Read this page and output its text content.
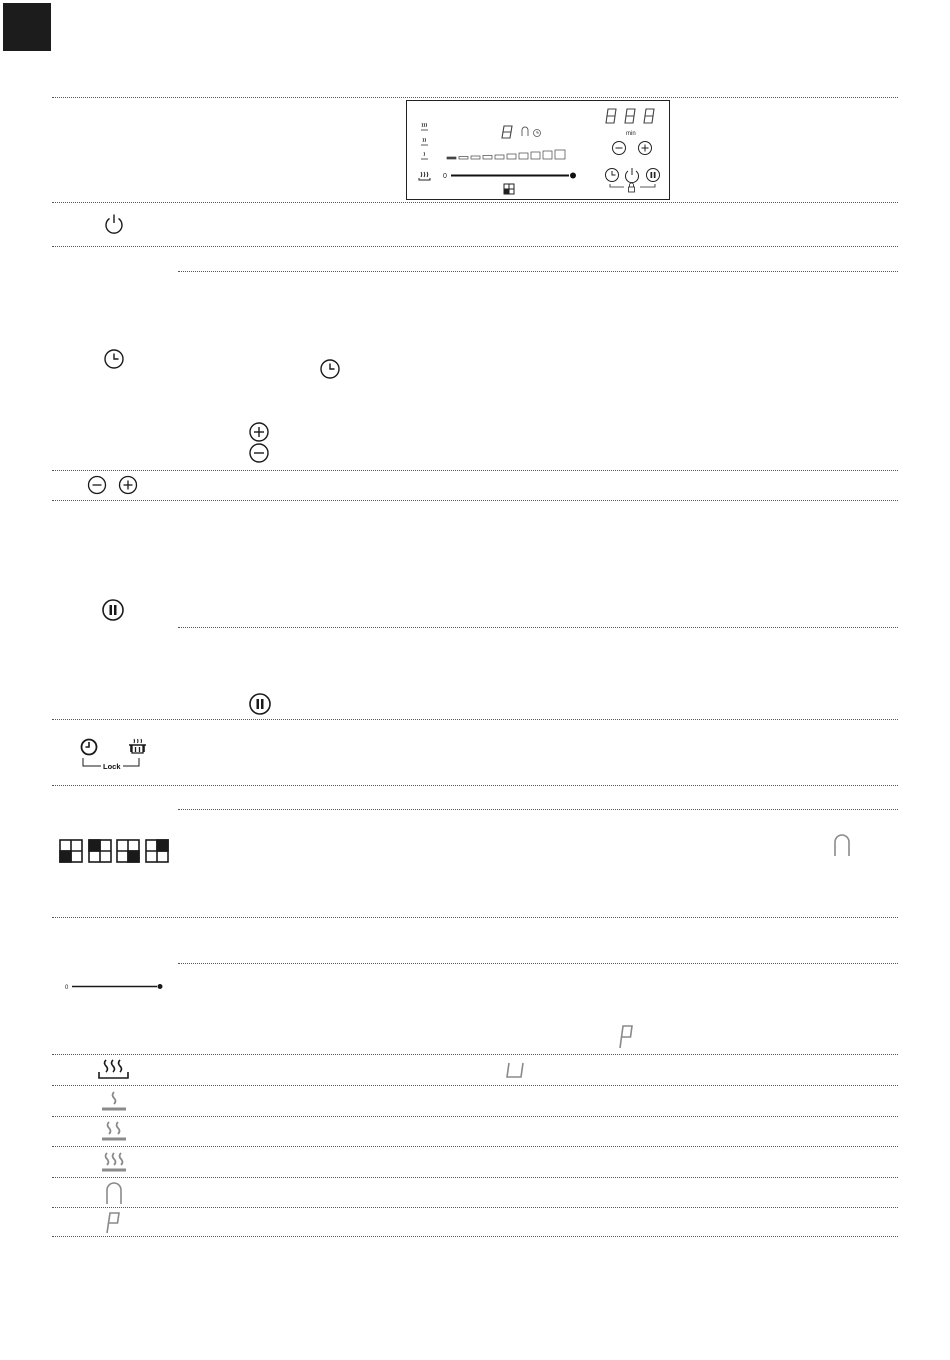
0
min
Lock
0
